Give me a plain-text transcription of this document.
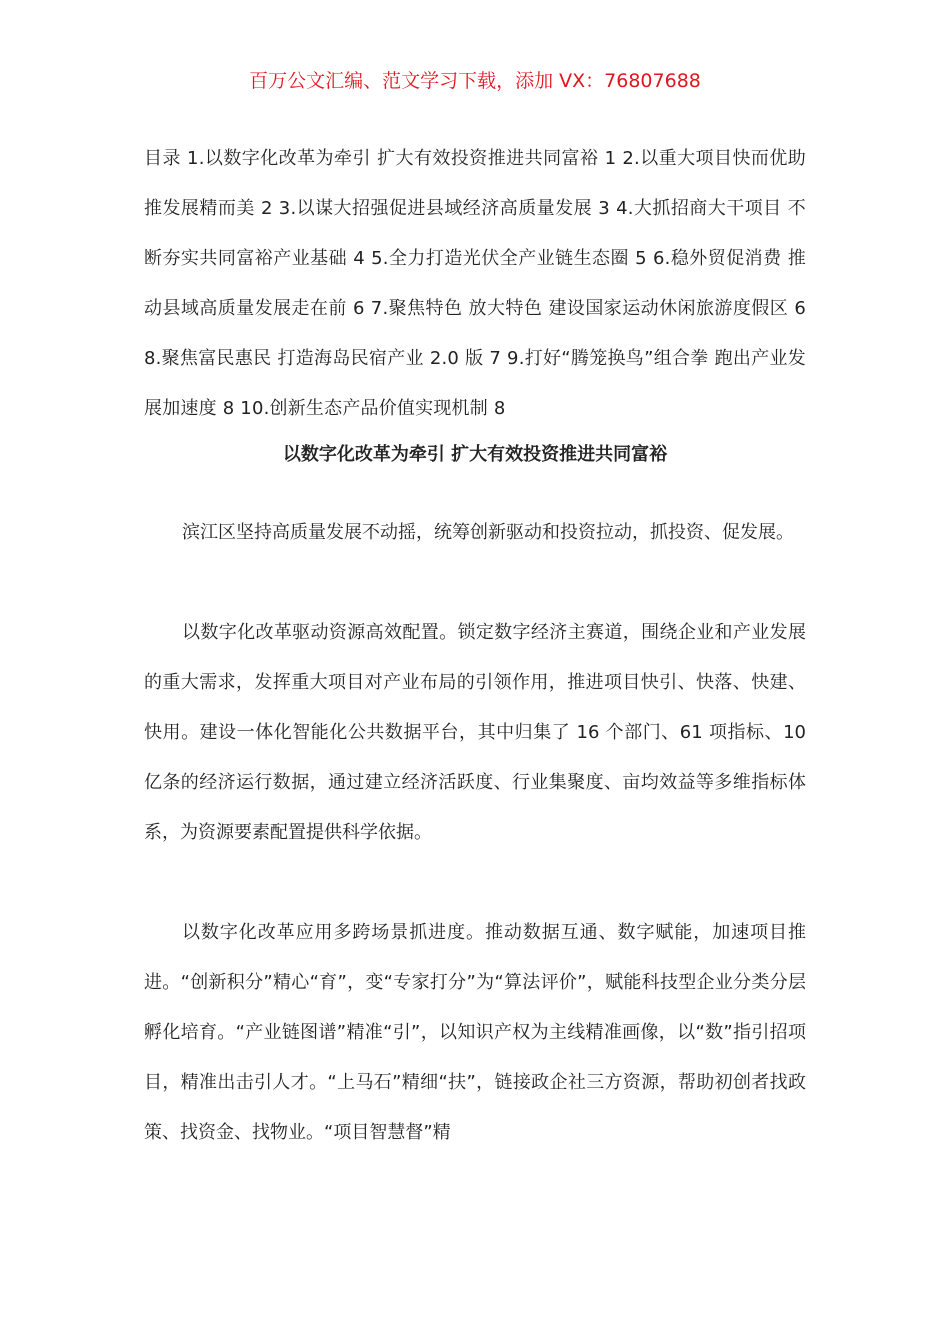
百万公文汇编、范文学习下载，添加 VX：76807688

目录 1.以数字化改革为牵引 扩大有效投资推进共同富裕 1 2.以重大项目快而优助推发展精而美 2 3.以谋大招强促进县域经济高质量发展 3 4.大抓招商大干项目 不断夯实共同富裕产业基础 4 5.全力打造光伏全产业链生态圈 5 6.稳外贸促消费 推动县域高质量发展走在前 6 7.聚焦特色 放大特色 建设国家运动休闲旅游度假区 6 8.聚焦富民惠民 打造海岛民宿产业 2.0 版 7 9.打好“腾笼换鸟”组合拳 跑出产业发展加速度 8 10.创新生态产品价值实现机制 8

以数字化改革为牵引 扩大有效投资推进共同富裕

滨江区坚持高质量发展不动摇，统筹创新驱动和投资拉动，抓投资、促发展。

以数字化改革驱动资源高效配置。锁定数字经济主赛道，围绕企业和产业发展的重大需求，发挥重大项目对产业布局的引领作用，推进项目快引、快落、快建、快用。建设一体化智能化公共数据平台，其中归集了 16 个部门、61 项指标、10 亿条的经济运行数据，通过建立经济活跃度、行业集聚度、亩均效益等多维指标体系，为资源要素配置提供科学依据。

以数字化改革应用多跨场景抓进度。推动数据互通、数字赋能，加速项目推进。“创新积分”精心“育”，变“专家打分”为“算法评价”，赋能科技型企业分类分层孵化培育。“产业链图谱”精准“引”，以知识产权为主线精准画像，以“数”指引招项目，精准出击引人才。“上马石”精细“扶”，链接政企社三方资源，帮助初创者找政策、找资金、找物业。“项目智慧督”精
